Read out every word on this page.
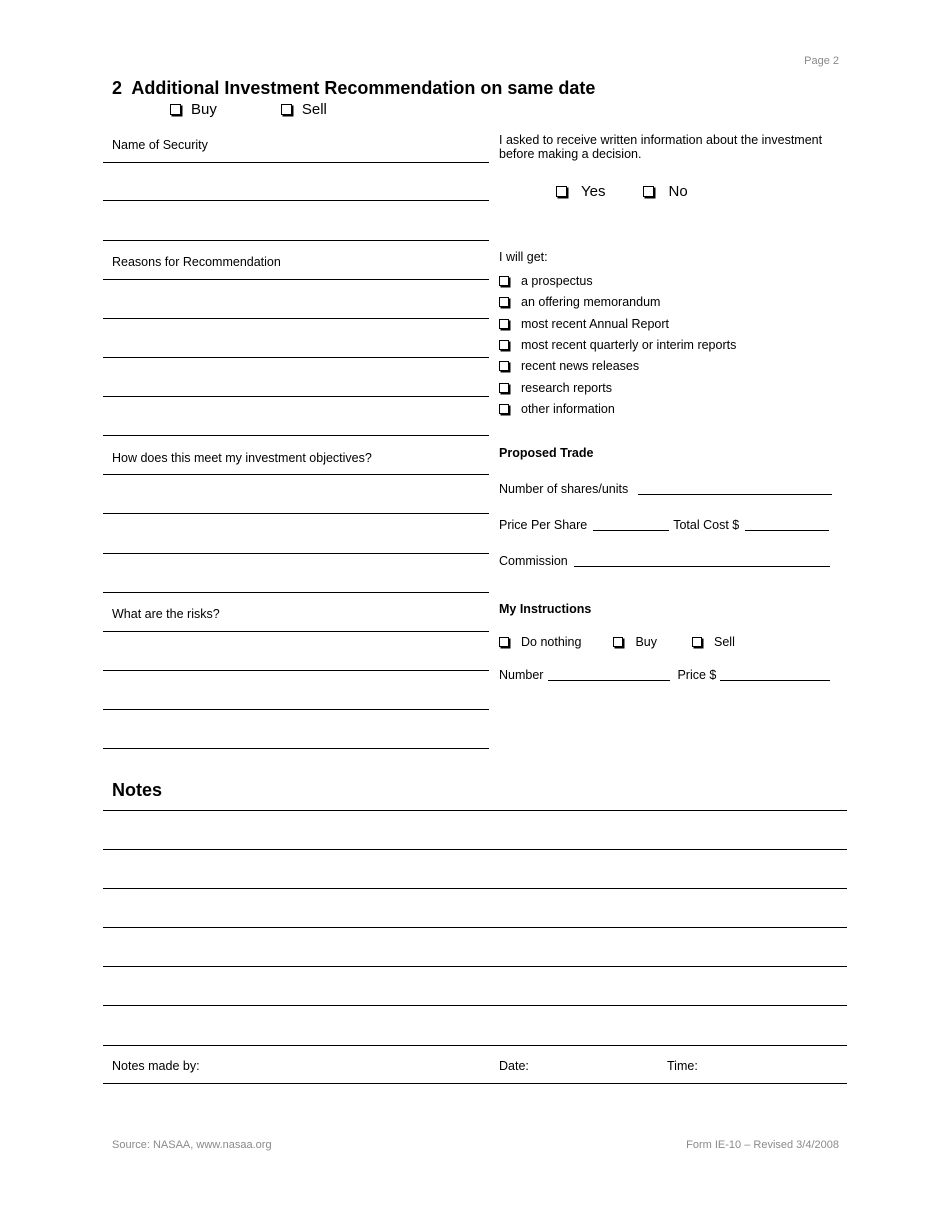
Page 2
2 Additional Investment Recommendation on same date
Buy	Sell
Name of Security
Reasons for Recommendation
How does this meet my investment objectives?
What are the risks?
I asked to receive written information about the investment before making a decision.
Yes	No
I will get:
a prospectus
an offering memorandum
most recent Annual Report
most recent quarterly or interim reports
recent news releases
research reports
other information
Proposed Trade
Number of shares/units
Price Per Share	Total Cost $
Commission
My Instructions
Do nothing	Buy	Sell
Number	Price $
Notes
Notes made by:	Date:	Time:
Source: NASAA, www.nasaa.org	Form IE-10 – Revised 3/4/2008
